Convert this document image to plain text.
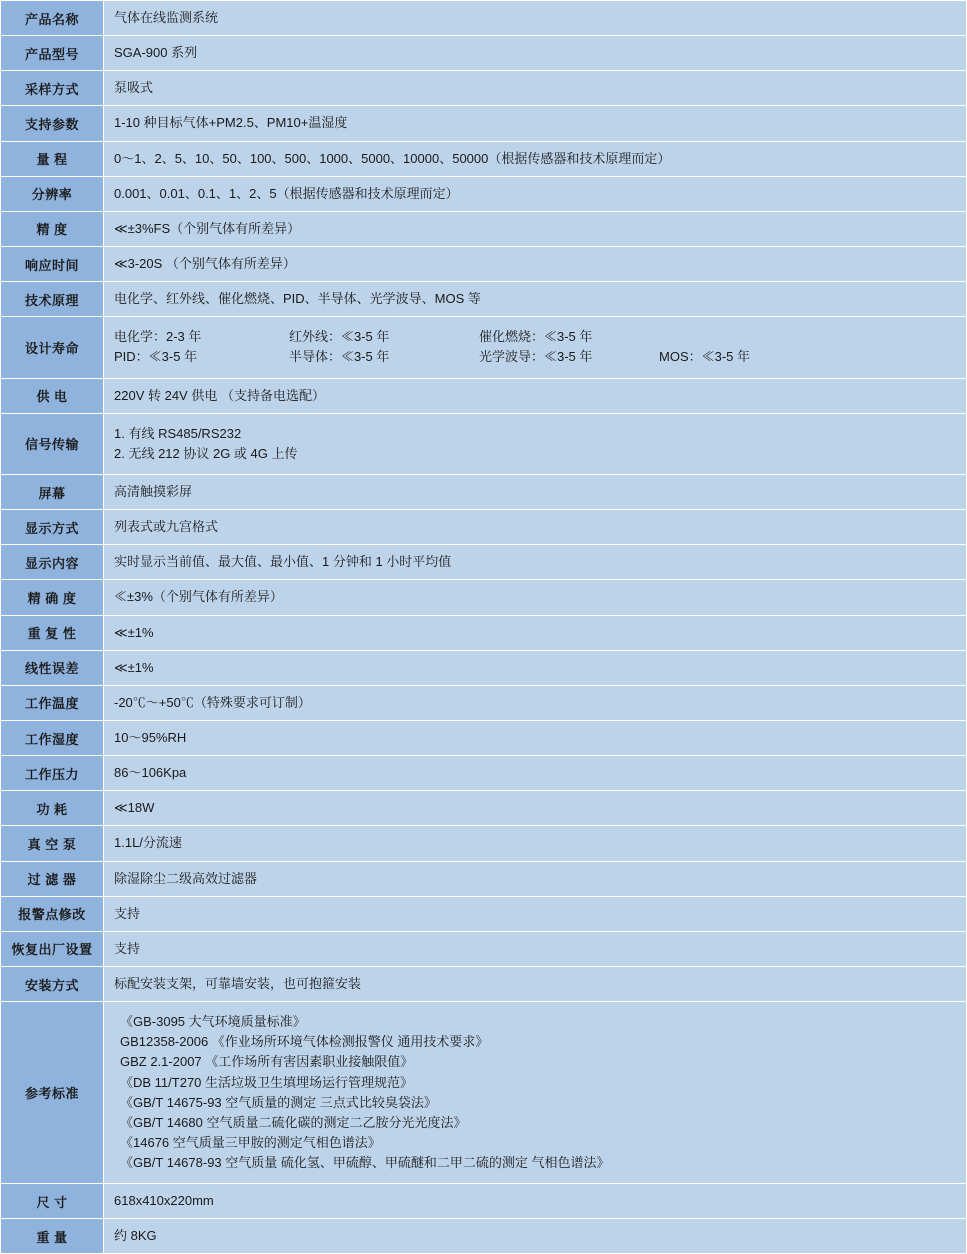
产品名称	气体在线监测系统
产品型号	SGA-900 系列
采样方式	泵吸式
支持参数	1-10 种目标气体+PM2.5、PM10+温湿度
量 程	0～1、2、5、10、50、100、500、1000、5000、10000、50000（根据传感器和技术原理而定）
分辨率	0.001、0.01、0.1、1、2、5（根据传感器和技术原理而定）
精 度	≪±3%FS（个别气体有所差异）
响应时间	≪3-20S （个别气体有所差异）
技术原理	电化学、红外线、催化燃烧、PID、半导体、光学波导、MOS 等
设计寿命	电化学：2-3 年 红外线：≪3-5 年 催化燃烧：≪3-5 年
PID：≪3-5 年 半导体：≪3-5 年 光学波导：≪3-5 年 MOS：≪3-5 年

供 电	220V 转 24V 供电 （支持备电选配）
信号传输	1. 有线 RS485/RS232
2. 无线 212 协议 2G 或 4G 上传

屏幕	高清触摸彩屏
显示方式	列表式或九宫格式
显示内容	实时显示当前值、最大值、最小值、1 分钟和 1 小时平均值
精 确 度	≪±3%（个别气体有所差异）
重 复 性	≪±1%
线性误差	≪±1%
工作温度	-20℃～+50℃（特殊要求可订制）
工作湿度	10～95%RH
工作压力	86～106Kpa
功 耗	≪18W
真 空 泵	1.1L/分流速
过 滤 器	除湿除尘二级高效过滤器
报警点修改	支持
恢复出厂设置	支持
安装方式	标配安装支架，可靠墙安装，也可抱箍安装
参考标准	
《GB-3095 大气环境质量标准》
GB12358-2006 《作业场所环境气体检测报警仪 通用技术要求》
GBZ 2.1-2007 《工作场所有害因素职业接触限值》
《DB 11/T270 生活垃圾卫生填埋场运行管理规范》
《GB/T 14675-93 空气质量的测定 三点式比较臭袋法》
《GB/T 14680 空气质量二硫化碳的测定二乙胺分光光度法》
《14676 空气质量三甲胺的测定气相色谱法》
《GB/T 14678-93 空气质量 硫化氢、甲硫醇、甲硫醚和二甲二硫的测定 气相色谱法》

尺 寸	618x410x220mm
重 量	约 8KG
